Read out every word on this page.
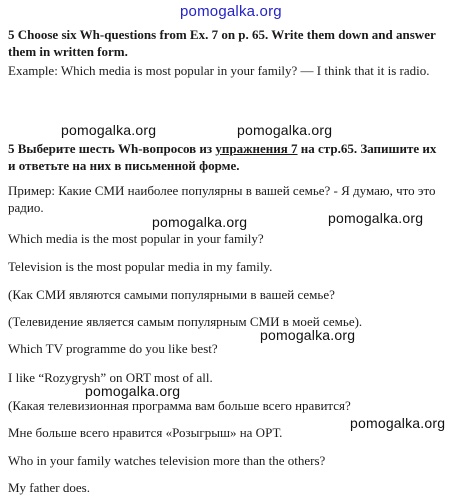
pomogalka.org
pomogalka.org	pomogalka.org
pomogalka.org	pomogalka.org
pomogalka.org
pomogalka.org
pomogalka.org
5 Choose six Wh-questions from Ex. 7 on p. 65. Write them down and answer
them in written form.
Example: Which media is most popular in your family? — I think that it is radio.
5 Выберите шесть Wh-вопросов из упражнения 7 на стр.65. Запишите их
и ответьте на них в письменной форме.
Пример: Какие СМИ наиболее популярны в вашей семье? - Я думаю, что это
радио.
Which media is the most popular in your family?
Television is the most popular media in my family.
(Как СМИ являются самыми популярными в вашей семье?
(Телевидение является самым популярным СМИ в моей семье).
Which TV programme do you like best?
I like “Rozygrysh” on ORT most of all.
(Какая телевизионная программа вам больше всего нравится?
Мне больше всего нравится «Розыгрыш» на ОРТ.
Who in your family watches television more than the others?
My father does.
